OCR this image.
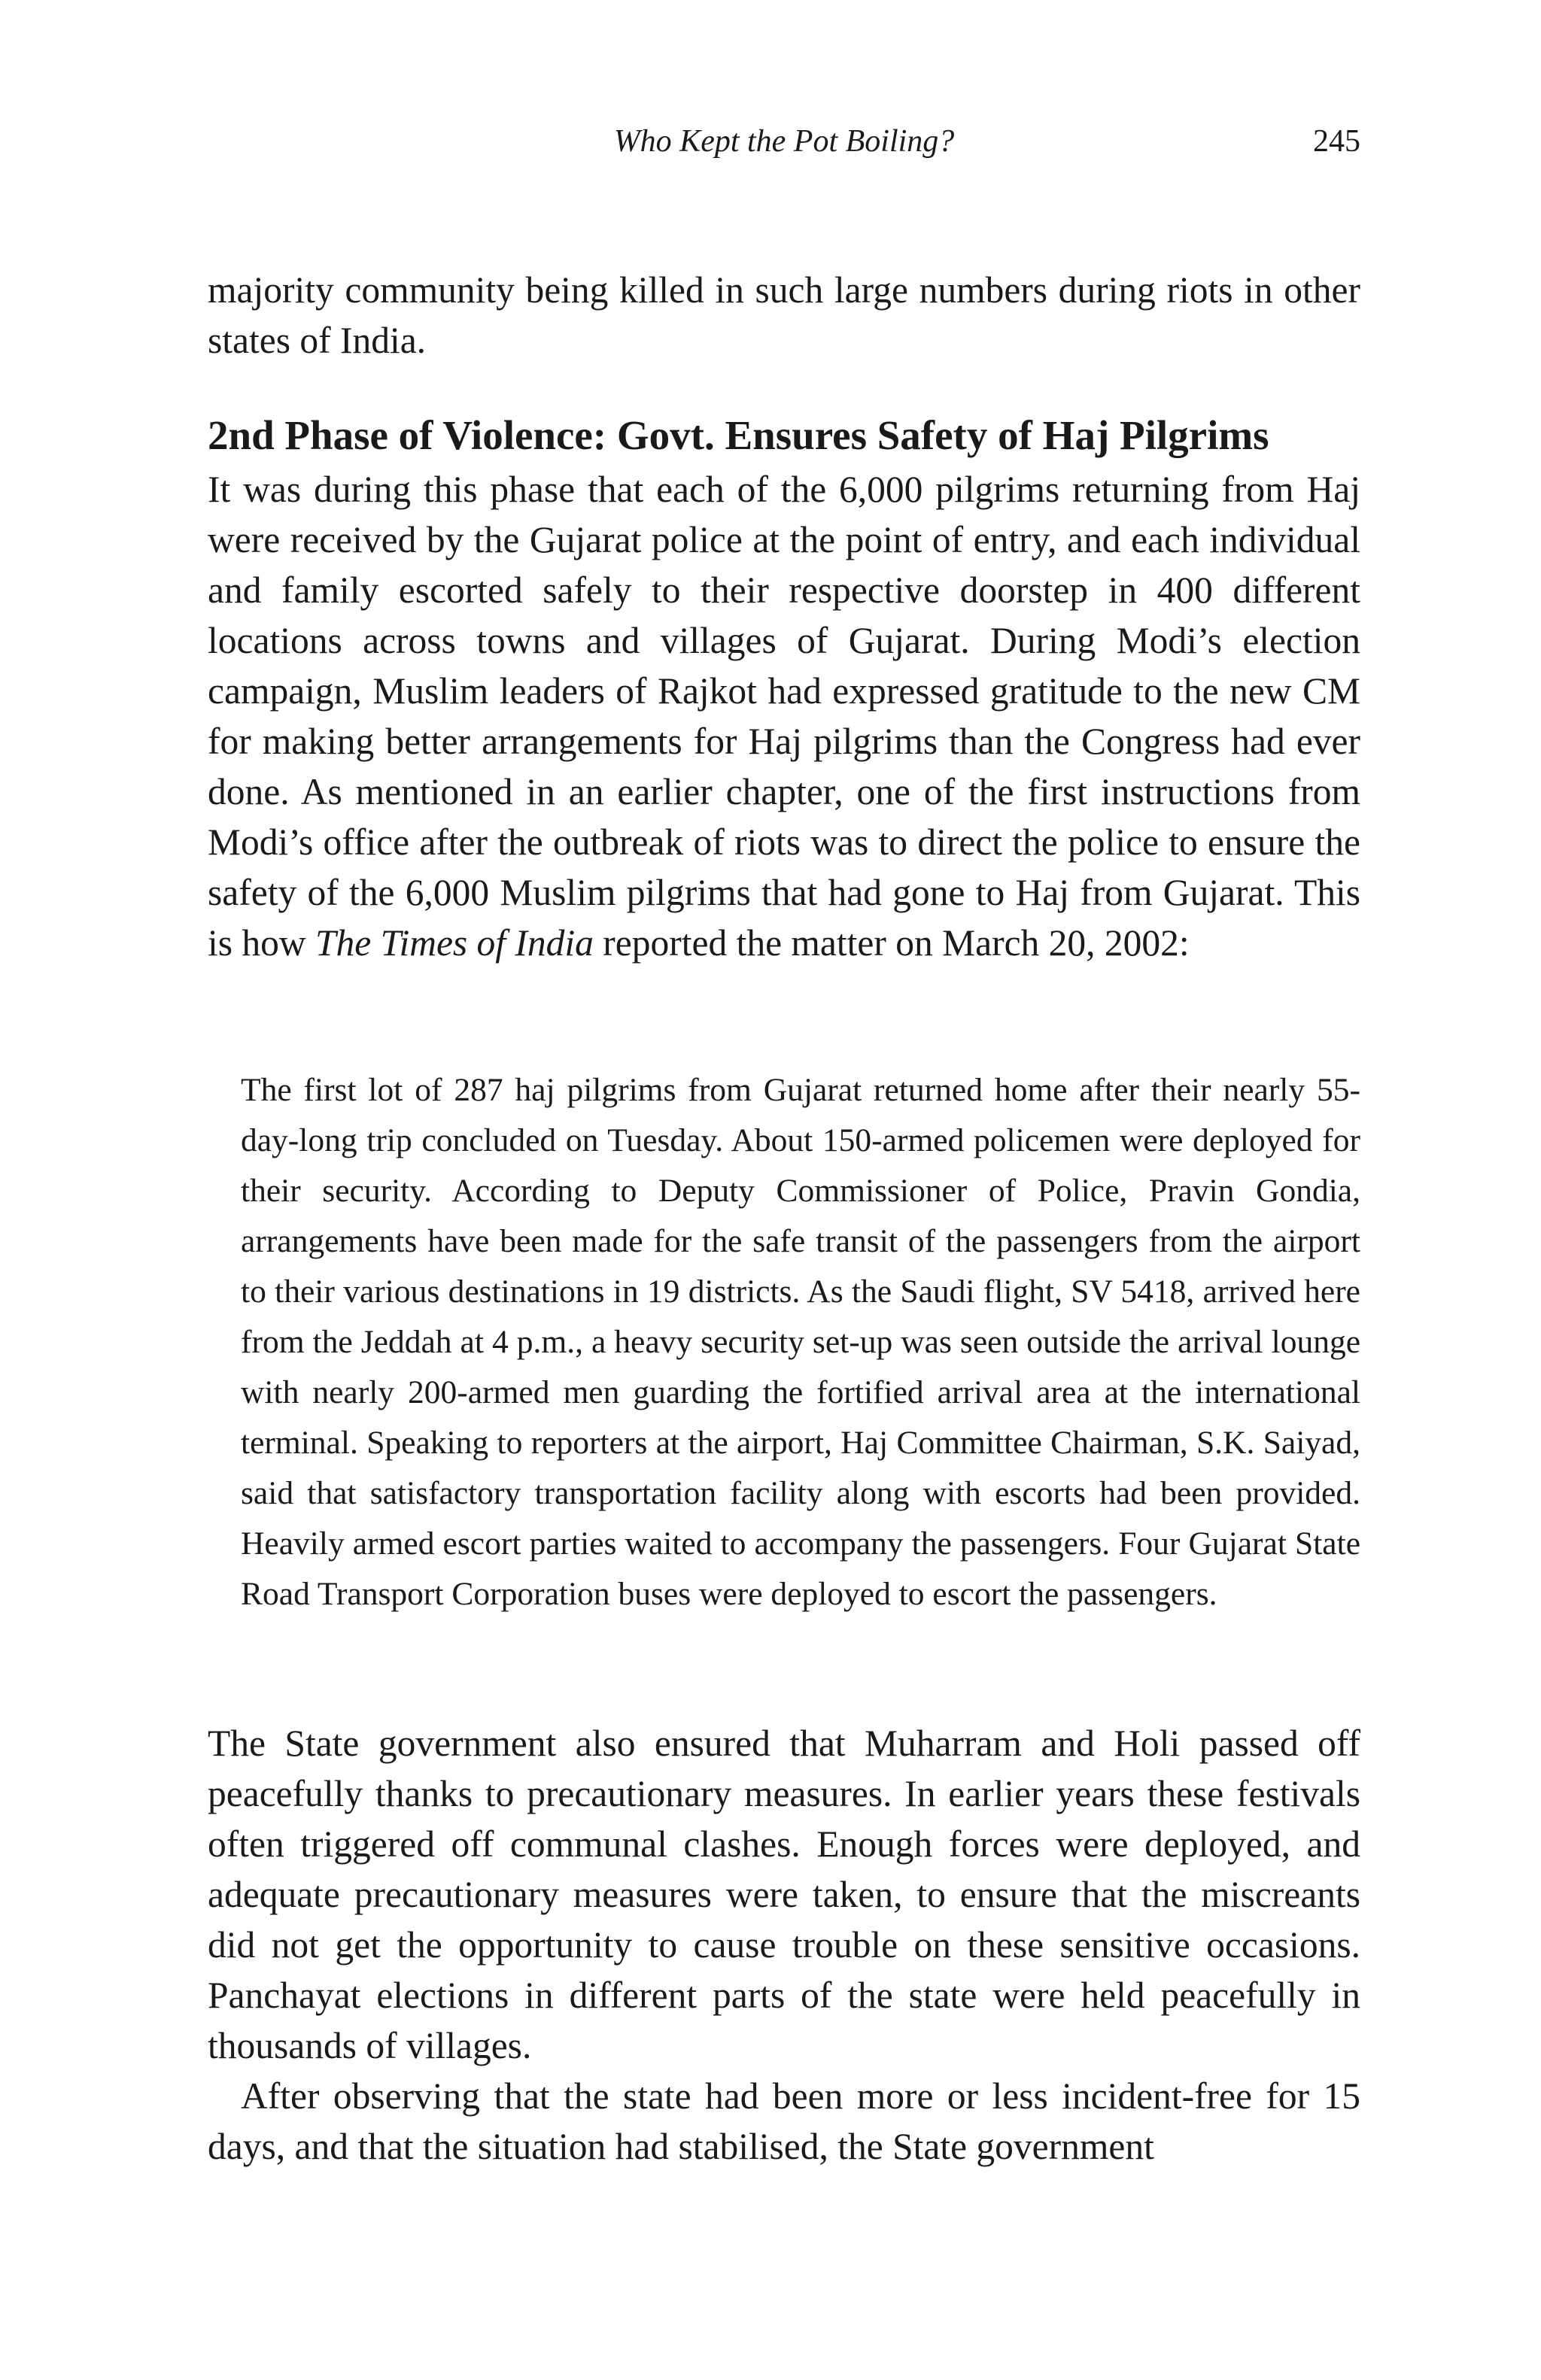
Who Kept the Pot Boiling?	245

majority community being killed in such large numbers during riots in other states of India.

2nd Phase of Violence: Govt. Ensures Safety of Haj Pilgrims

It was during this phase that each of the 6,000 pilgrims returning from Haj were received by the Gujarat police at the point of entry, and each individual and family escorted safely to their respective doorstep in 400 different locations across towns and villages of Gujarat. During Modi’s election campaign, Muslim leaders of Rajkot had expressed gratitude to the new CM for making better arrangements for Haj pilgrims than the Congress had ever done. As mentioned in an earlier chapter, one of the first instructions from Modi’s office after the outbreak of riots was to direct the police to ensure the safety of the 6,000 Muslim pilgrims that had gone to Haj from Gujarat. This is how The Times of India reported the matter on March 20, 2002:

The first lot of 287 haj pilgrims from Gujarat returned home after their nearly 55-day-long trip concluded on Tuesday. About 150-armed policemen were deployed for their security. According to Deputy Commissioner of Police, Pravin Gondia, arrangements have been made for the safe transit of the passengers from the airport to their various destinations in 19 districts. As the Saudi flight, SV 5418, arrived here from the Jeddah at 4 p.m., a heavy security set-up was seen outside the arrival lounge with nearly 200-armed men guarding the fortified arrival area at the international terminal. Speaking to reporters at the airport, Haj Committee Chairman, S.K. Saiyad, said that satisfactory transportation facility along with escorts had been provided. Heavily armed escort parties waited to accompany the passengers. Four Gujarat State Road Transport Corporation buses were deployed to escort the passengers.

The State government also ensured that Muharram and Holi passed off peacefully thanks to precautionary measures. In earlier years these festivals often triggered off communal clashes. Enough forces were deployed, and adequate precautionary measures were taken, to ensure that the miscreants did not get the opportunity to cause trouble on these sensitive occasions. Panchayat elections in different parts of the state were held peacefully in thousands of villages.

After observing that the state had been more or less incident-free for 15 days, and that the situation had stabilised, the State government
